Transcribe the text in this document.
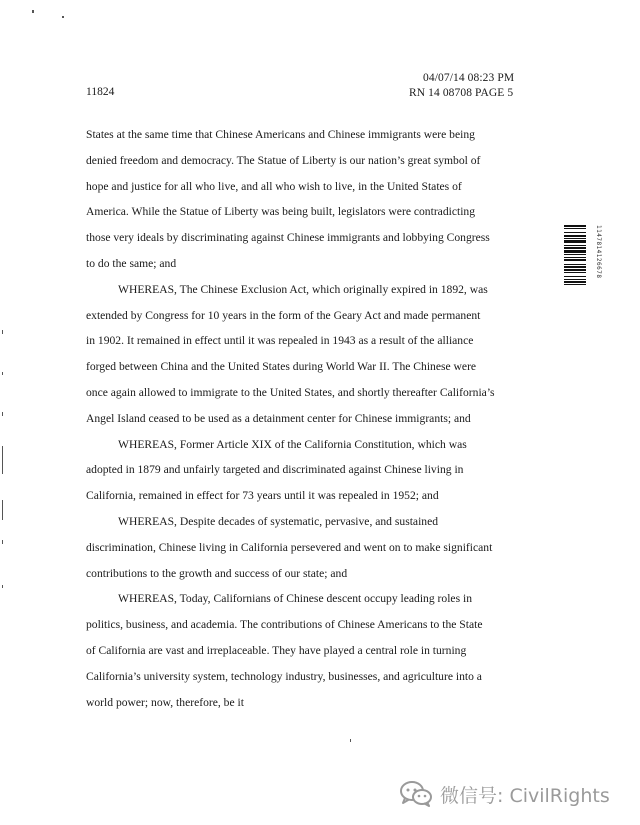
04/07/14 08:23 PM
RN 14 08708 PAGE 5
11824
States at the same time that Chinese Americans and Chinese immigrants were being
denied freedom and democracy. The Statue of Liberty is our nation’s great symbol of
hope and justice for all who live, and all who wish to live, in the United States of
America. While the Statue of Liberty was being built, legislators were contradicting
those very ideals by discriminating against Chinese immigrants and lobbying Congress
to do the same; and
WHEREAS, The Chinese Exclusion Act, which originally expired in 1892, was
extended by Congress for 10 years in the form of the Geary Act and made permanent
in 1902. It remained in effect until it was repealed in 1943 as a result of the alliance
forged between China and the United States during World War II. The Chinese were
once again allowed to immigrate to the United States, and shortly thereafter California’s
Angel Island ceased to be used as a detainment center for Chinese immigrants; and
WHEREAS, Former Article XIX of the California Constitution, which was
adopted in 1879 and unfairly targeted and discriminated against Chinese living in
California, remained in effect for 73 years until it was repealed in 1952; and
WHEREAS, Despite decades of systematic, pervasive, and sustained
discrimination, Chinese living in California persevered and went on to make significant
contributions to the growth and success of our state; and
WHEREAS, Today, Californians of Chinese descent occupy leading roles in
politics, business, and academia. The contributions of Chinese Americans to the State
of California are vast and irreplaceable. They have played a central role in turning
California’s university system, technology industry, businesses, and agriculture into a
world power; now, therefore, be it
1147814126678
微信号: CivilRights
